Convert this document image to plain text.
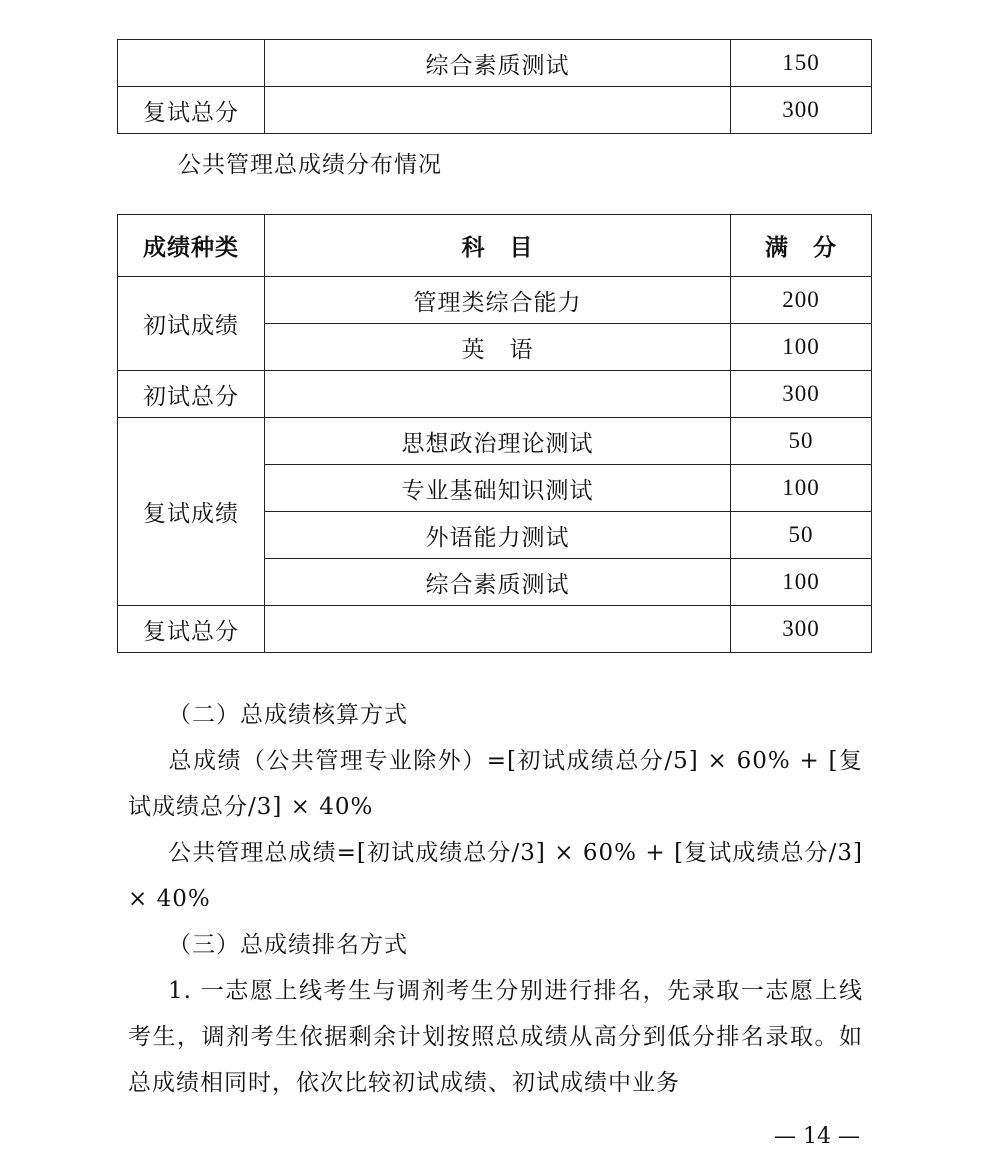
	综合素质测试	150
复试总分		300
公共管理总成绩分布情况
成绩种类	科　目	满　分
初试成绩	管理类综合能力	200
	英　语	100
初试总分		300
复试成绩	思想政治理论测试	50
	专业基础知识测试	100
	外语能力测试	50
	综合素质测试	100
复试总分		300

（二）总成绩核算方式

总成绩（公共管理专业除外）=[初试成绩总分/5] × 60% + [复试成绩总分/3] × 40%

公共管理总成绩=[初试成绩总分/3] × 60% + [复试成绩总分/3] × 40%

（三）总成绩排名方式

1. 一志愿上线考生与调剂考生分别进行排名，先录取一志愿上线考生，调剂考生依据剩余计划按照总成绩从高分到低分排名录取。如总成绩相同时，依次比较初试成绩、初试成绩中业务

— 14 —
